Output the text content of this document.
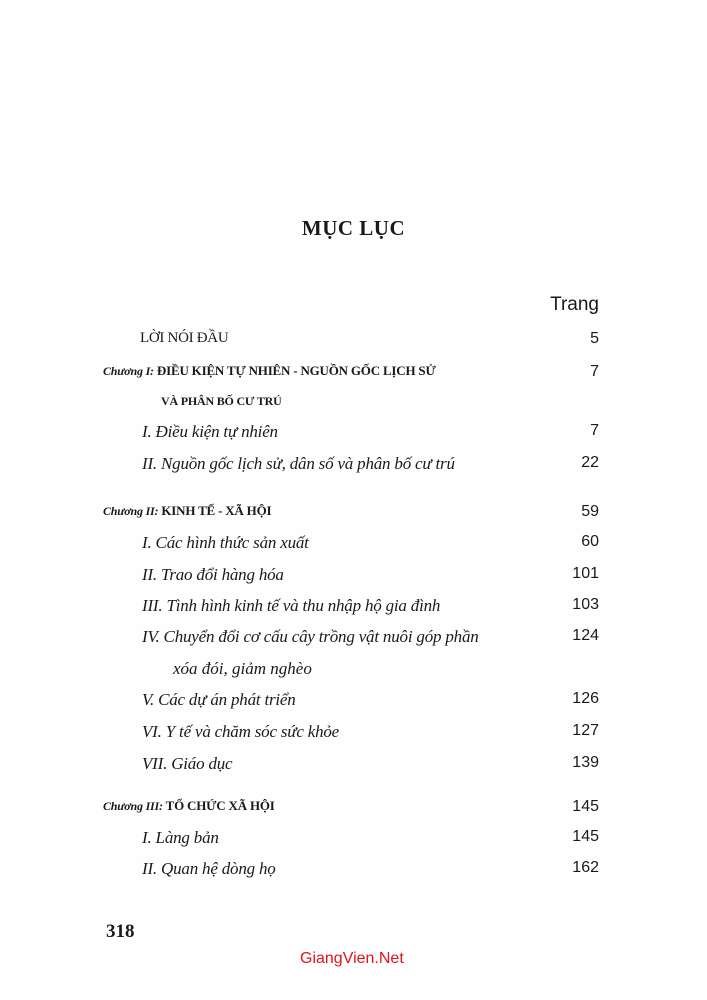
MỤC LỤC
Trang
LỜI NÓI ĐẦU	5
Chương I: ĐIỀU KIỆN TỰ NHIÊN - NGUỒN GỐC LỊCH SỬ	7
VÀ PHÂN BỐ CƯ TRÚ
I. Điều kiện tự nhiên	7
II. Nguồn gốc lịch sử, dân số và phân bố cư trú	22
Chương II: KINH TẾ - XÃ HỘI	59
I. Các hình thức sản xuất	60
II. Trao đổi hàng hóa	101
III. Tình hình kinh tế và thu nhập hộ gia đình	103
IV. Chuyển đổi cơ cấu cây trồng vật nuôi góp phần	124
xóa đói, giảm nghèo
V. Các dự án phát triển	126
VI. Y tế và chăm sóc sức khỏe	127
VII. Giáo dục	139
Chương III: TỔ CHỨC XÃ HỘI	145
I. Làng bản	145
II. Quan hệ dòng họ	162
318
GiangVien.Net
